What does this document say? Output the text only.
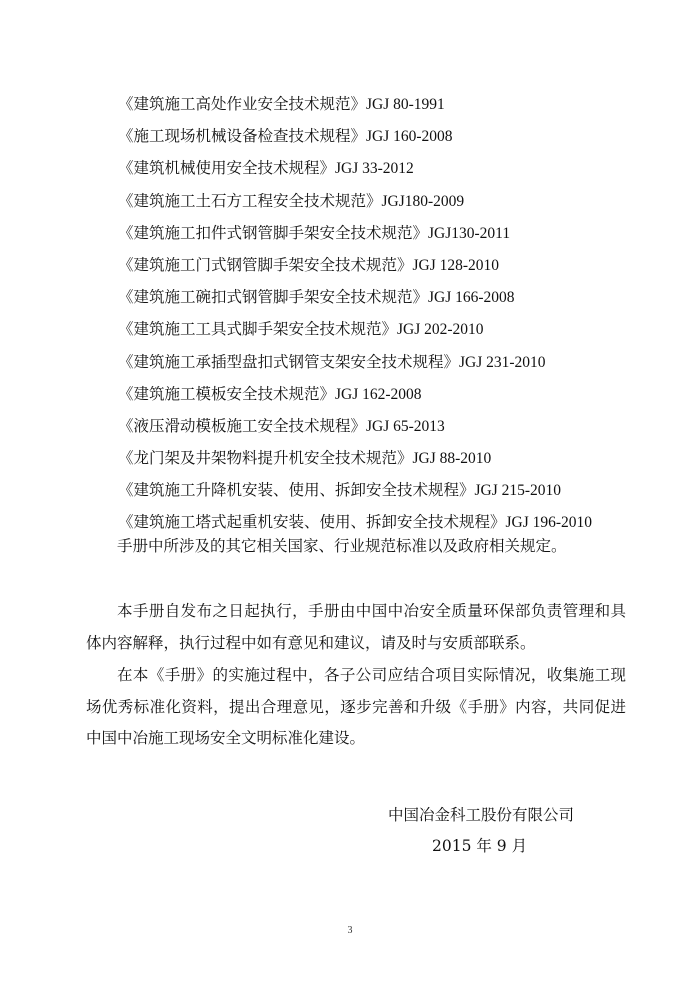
《建筑施工高处作业安全技术规范》JGJ 80-1991
《施工现场机械设备检查技术规程》JGJ 160-2008
《建筑机械使用安全技术规程》JGJ 33-2012
《建筑施工土石方工程安全技术规范》JGJ180-2009
《建筑施工扣件式钢管脚手架安全技术规范》JGJ130-2011
《建筑施工门式钢管脚手架安全技术规范》JGJ 128-2010
《建筑施工碗扣式钢管脚手架安全技术规范》JGJ 166-2008
《建筑施工工具式脚手架安全技术规范》JGJ 202-2010
《建筑施工承插型盘扣式钢管支架安全技术规程》JGJ 231-2010
《建筑施工模板安全技术规范》JGJ 162-2008
《液压滑动模板施工安全技术规程》JGJ 65-2013
《龙门架及井架物料提升机安全技术规范》JGJ 88-2010
《建筑施工升降机安装、使用、拆卸安全技术规程》JGJ 215-2010
《建筑施工塔式起重机安装、使用、拆卸安全技术规程》JGJ 196-2010
手册中所涉及的其它相关国家、行业规范标准以及政府相关规定。
本手册自发布之日起执行，手册由中国中冶安全质量环保部负责管理和具体内容解释，执行过程中如有意见和建议，请及时与安质部联系。
在本《手册》的实施过程中，各子公司应结合项目实际情况，收集施工现场优秀标准化资料，提出合理意见，逐步完善和升级《手册》内容，共同促进中国中冶施工现场安全文明标准化建设。
中国冶金科工股份有限公司
2015 年 9 月
3
